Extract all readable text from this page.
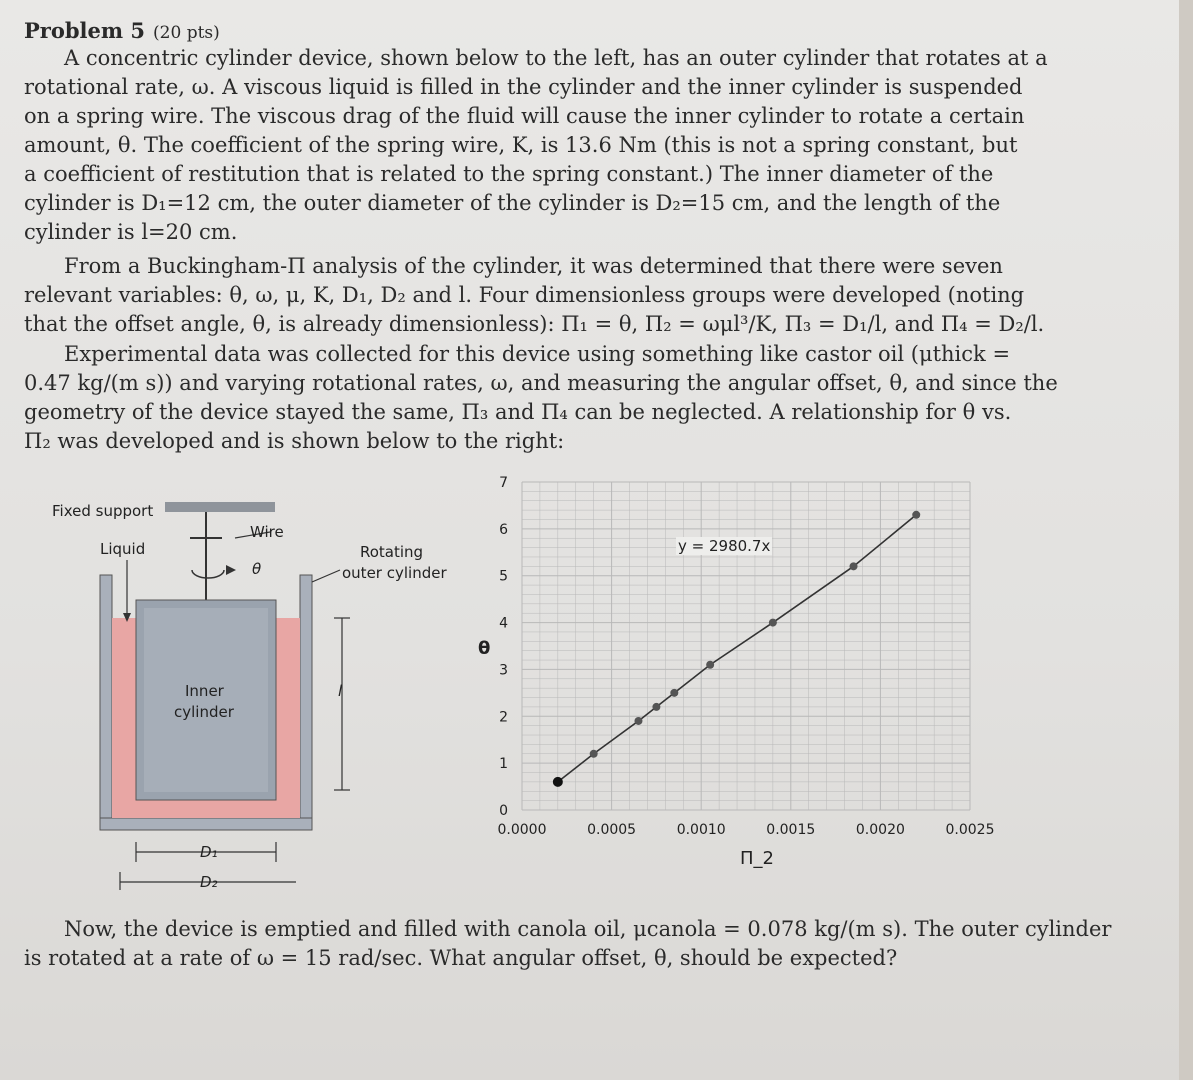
Problem 5 (20 pts)
A concentric cylinder device, shown below to the left, has an outer cylinder that rotates at a
rotational rate, ω. A viscous liquid is filled in the cylinder and the inner cylinder is suspended
on a spring wire. The viscous drag of the fluid will cause the inner cylinder to rotate a certain
amount, θ. The coefficient of the spring wire, K, is 13.6 Nm (this is not a spring constant, but
a coefficient of restitution that is related to the spring constant.) The inner diameter of the
cylinder is D₁=12 cm, the outer diameter of the cylinder is D₂=15 cm, and the length of the
cylinder is l=20 cm.
From a Buckingham-Π analysis of the cylinder, it was determined that there were seven
relevant variables: θ, ω, μ, K, D₁, D₂ and l. Four dimensionless groups were developed (noting
that the offset angle, θ, is already dimensionless): Π₁ = θ, Π₂ = ωμl³/K, Π₃ = D₁/l, and Π₄ = D₂/l.
Experimental data was collected for this device using something like castor oil (μthick =
0.47 kg/(m s)) and varying rotational rates, ω, and measuring the angular offset, θ, and since the
geometry of the device stayed the same, Π₃ and Π₄ can be neglected. A relationship for θ vs.
Π₂ was developed and is shown below to the right:
Fixed support
Liquid
Wire
θ
Rotating
outer cylinder
Inner
cylinder
l
D₁
D₂
0
1
2
3
4
5
6
7
0.0000	0.0005	0.0010	0.0015	0.0020	0.0025
θ
Π_2
y = 2980.7x
Now, the device is emptied and filled with canola oil, μcanola = 0.078 kg/(m s). The outer cylinder
is rotated at a rate of ω = 15 rad/sec. What angular offset, θ, should be expected?
